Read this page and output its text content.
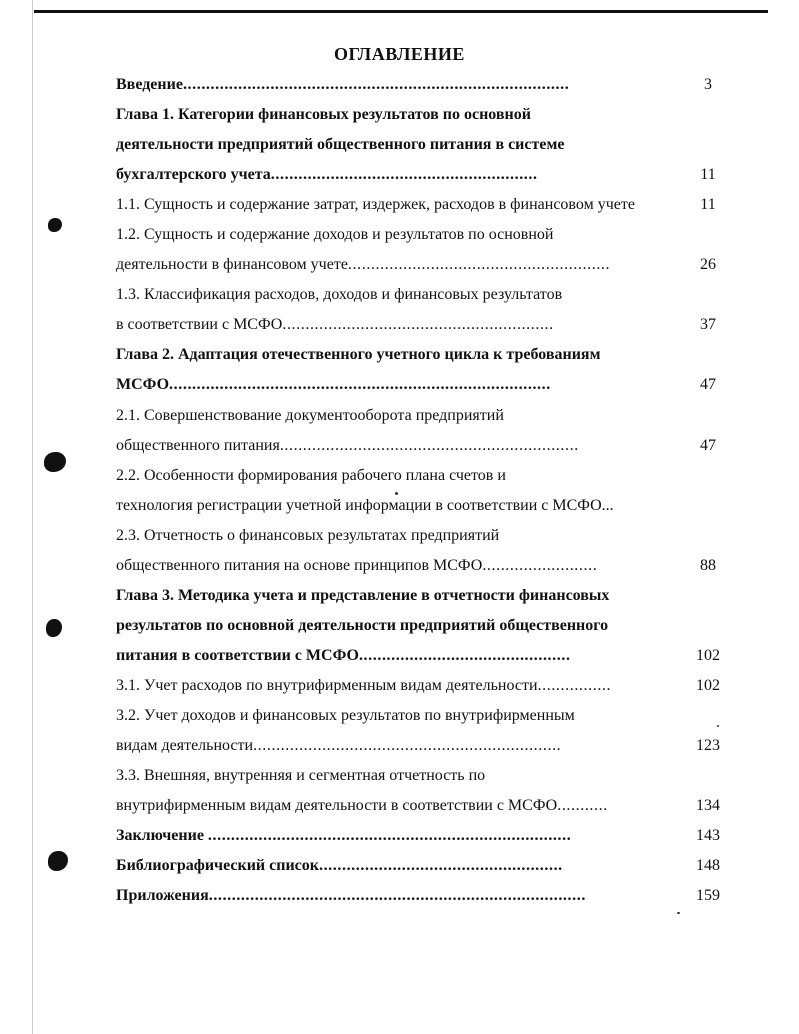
ОГЛАВЛЕНИЕ
Введение....................................................................................	3
Глава 1. Категории финансовых результатов по основной
деятельности предприятий общественного питания в системе
бухгалтерского учета..........................................................	11
1.1. Сущность и содержание затрат, издержек, расходов в финансовом учете	11
1.2. Сущность и содержание доходов и результатов по основной
деятельности в финансовом учете.........................................................	26
1.3. Классификация расходов, доходов и финансовых результатов
в соответствии с МСФО...........................................................	37
Глава 2. Адаптация отечественного учетного цикла к требованиям
МСФО...................................................................................	47
2.1. Совершенствование документооборота предприятий
общественного питания.................................................................	47
2.2. Особенности формирования рабочего плана счетов и
технология регистрации учетной информации в соответствии с МСФО...
2.3. Отчетность о финансовых результатах предприятий
общественного питания на основе принципов МСФО.........................	88
Глава 3. Методика учета и представление в отчетности финансовых
результатов по основной деятельности предприятий общественного
питания в соответствии с МСФО..............................................	102
3.1. Учет расходов по внутрифирменным видам деятельности................	102
3.2. Учет доходов и финансовых результатов по внутрифирменным
видам деятельности...................................................................	123
3.3. Внешняя, внутренняя и сегментная отчетность по
внутрифирменным видам деятельности в соответствии с МСФО...........	134
Заключение ...............................................................................	143
Библиографический список.....................................................	148
Приложения..................................................................................	159
